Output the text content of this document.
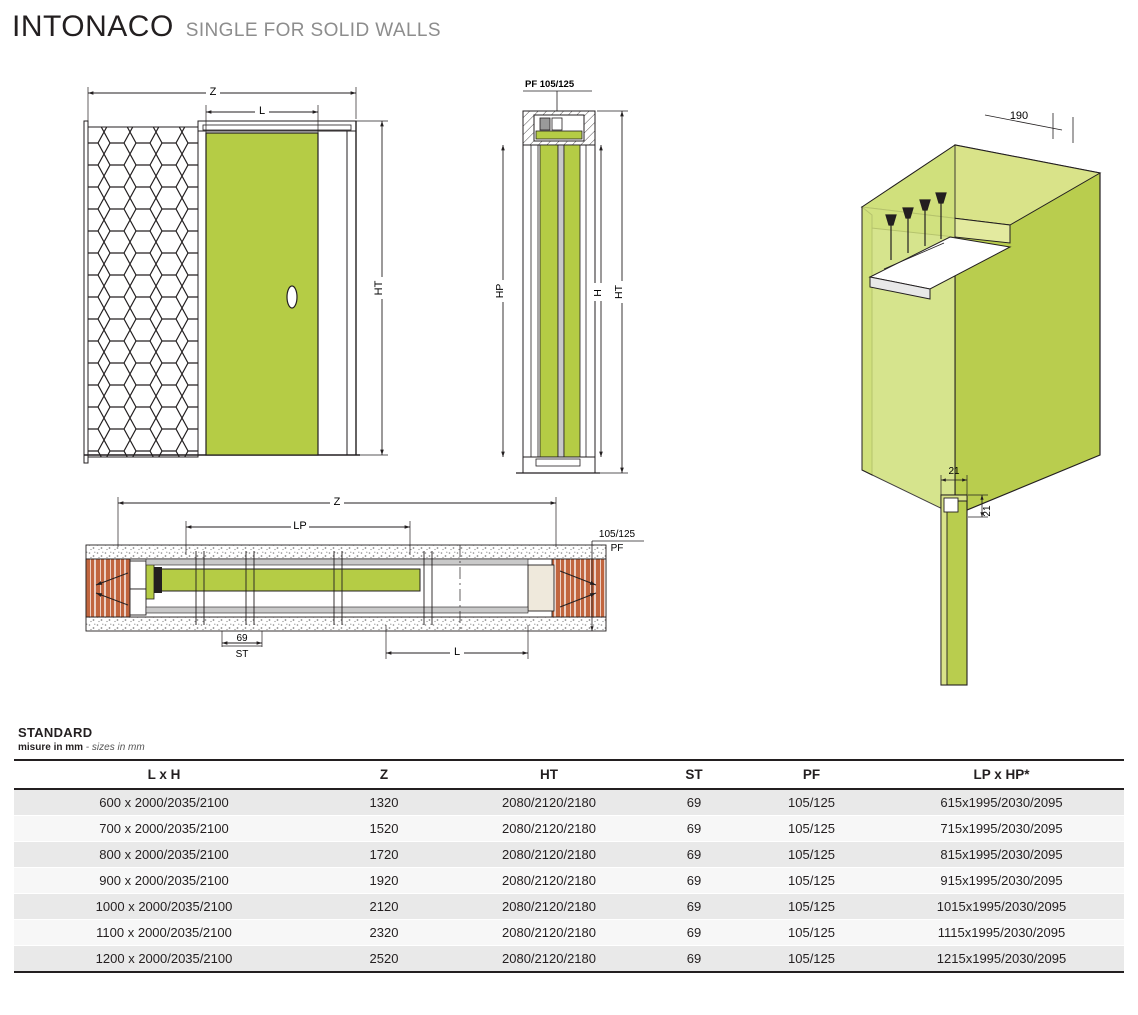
INTONACO SINGLE FOR SOLID WALLS
Z
L
HT
PF 105/125
HP	H HT
190
21
21
Z
LP
L
69
ST
105/125
PF
STANDARD
misure in mm - sizes in mm
L x H	Z	HT	ST	PF	LP x HP*
600 x 2000/2035/2100	1320	2080/2120/2180	69	105/125	615x1995/2030/2095
700 x 2000/2035/2100	1520	2080/2120/2180	69	105/125	715x1995/2030/2095
800 x 2000/2035/2100	1720	2080/2120/2180	69	105/125	815x1995/2030/2095
900 x 2000/2035/2100	1920	2080/2120/2180	69	105/125	915x1995/2030/2095
1000 x 2000/2035/2100	2120	2080/2120/2180	69	105/125	1015x1995/2030/2095
1100 x 2000/2035/2100	2320	2080/2120/2180	69	105/125	1115x1995/2030/2095
1200 x 2000/2035/2100	2520	2080/2120/2180	69	105/125	1215x1995/2030/2095
